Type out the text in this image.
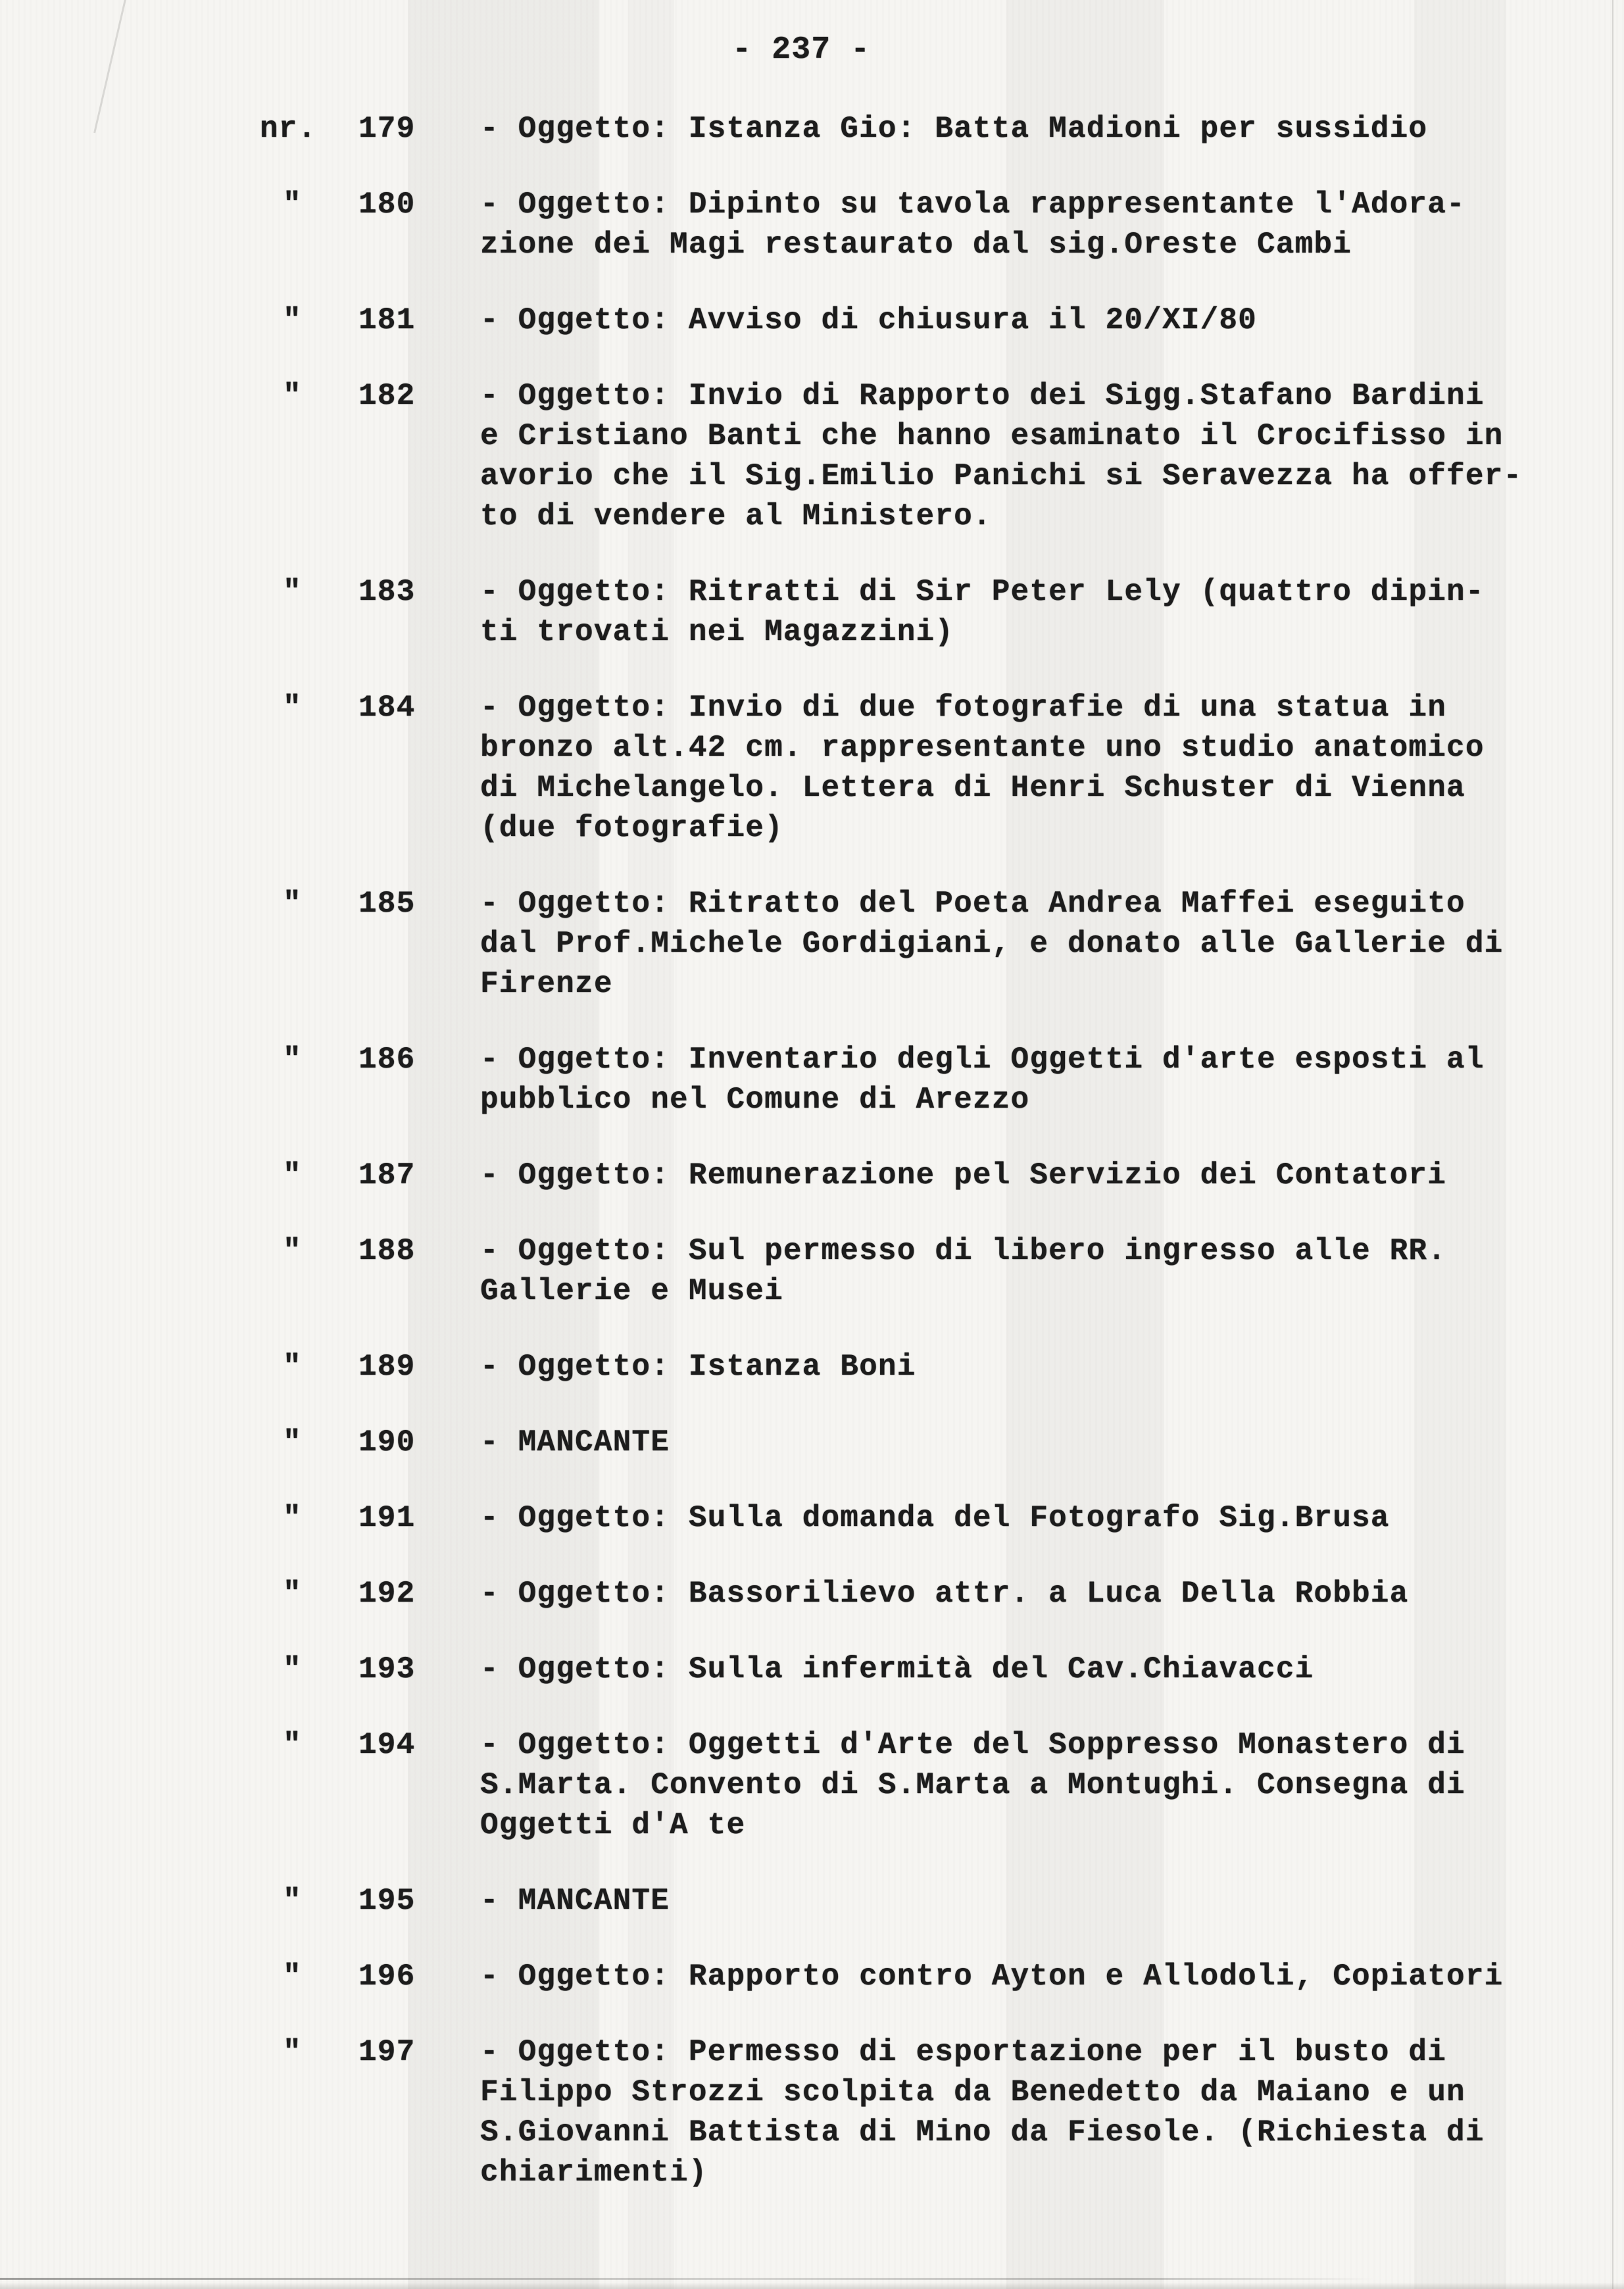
- 237 -
nr.	179	- Oggetto: Istanza Gio: Batta Madioni per sussidio
"	180	- Oggetto: Dipinto su tavola rappresentante l'Adora-
zione dei Magi restaurato dal sig.Oreste Cambi
"	181	- Oggetto: Avviso di chiusura il 20/XI/80
"	182	- Oggetto: Invio di Rapporto dei Sigg.Stafano Bardini
e Cristiano Banti che hanno esaminato il Crocifisso in
avorio che il Sig.Emilio Panichi si Seravezza ha offer-
to di vendere al Ministero.
"	183	- Oggetto: Ritratti di Sir Peter Lely (quattro dipin-
ti trovati nei Magazzini)
"	184	- Oggetto: Invio di due fotografie di una statua in
bronzo alt.42 cm. rappresentante uno studio anatomico
di Michelangelo. Lettera di Henri Schuster di Vienna
(due fotografie)
"	185	- Oggetto: Ritratto del Poeta Andrea Maffei eseguito
dal Prof.Michele Gordigiani, e donato alle Gallerie di
Firenze
"	186	- Oggetto: Inventario degli Oggetti d'arte esposti al
pubblico nel Comune di Arezzo
"	187	- Oggetto: Remunerazione pel Servizio dei Contatori
"	188	- Oggetto: Sul permesso di libero ingresso alle RR.
Gallerie e Musei
"	189	- Oggetto: Istanza Boni
"	190	- MANCANTE
"	191	- Oggetto: Sulla domanda del Fotografo Sig.Brusa
"	192	- Oggetto: Bassorilievo attr. a Luca Della Robbia
"	193	- Oggetto: Sulla infermità del Cav.Chiavacci
"	194	- Oggetto: Oggetti d'Arte del Soppresso Monastero di
S.Marta. Convento di S.Marta a Montughi. Consegna di
Oggetti d'A te
"	195	- MANCANTE
"	196	- Oggetto: Rapporto contro Ayton e Allodoli, Copiatori
"	197	- Oggetto: Permesso di esportazione per il busto di
Filippo Strozzi scolpita da Benedetto da Maiano e un
S.Giovanni Battista di Mino da Fiesole. (Richiesta di
chiarimenti)
